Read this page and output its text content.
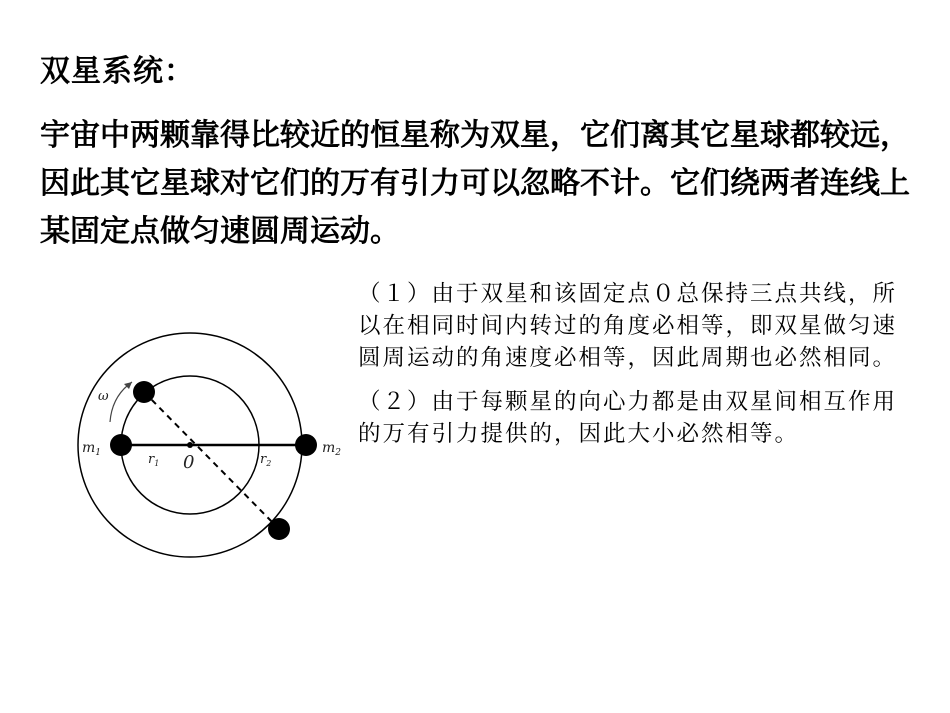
双星系统：

宇宙中两颗靠得比较近的恒星称为双星，它们离其它星球都较远，因此其它星球对它们的万有引力可以忽略不计。它们绕两者连线上某固定点做匀速圆周运动。

ω
$m_1$	$m_2$
$r_1$	$r_2$
0

（１）由于双星和该固定点０总保持三点共线，所以在相同时间内转过的角度必相等，即双星做匀速圆周运动的角速度必相等，因此周期也必然相同。

（２）由于每颗星的向心力都是由双星间相互作用的万有引力提供的，因此大小必然相等。
